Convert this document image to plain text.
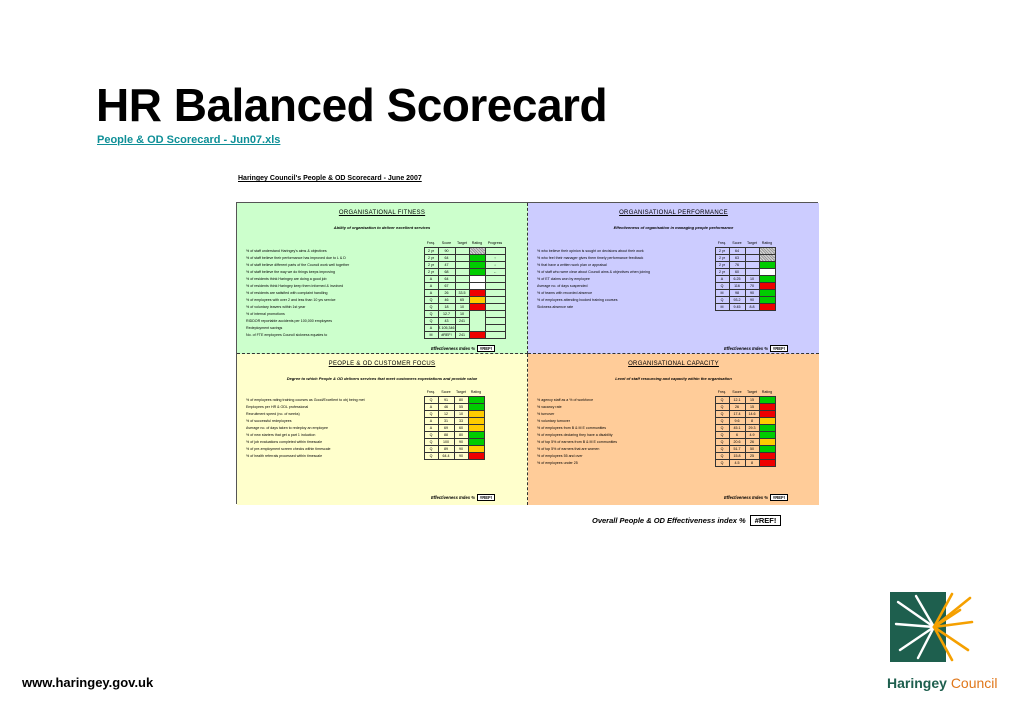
HR Balanced Scorecard
People & OD Scorecard - Jun07.xls
Haringey Council's People & OD Scorecard - June 2007
ORGANISATIONAL FITNESS
Ability of organisation to deliver excellent services
	Freq.	Score	Target	Rating	Progress
% of staff understand Haringey's aims & objectives	2 yr	90			
% of staff believe their performance has improved due to L & D	2 yr	64			↑
% of staff believe different parts of the Council work well together	2 yr	47			↓
% of staff believe the way we do things keeps improving	2 yr	68			←
% of residents think Haringey are doing a good job	A	64			
% of residents think Haringey keep them informed & involved	A	67			
% of residents are satisfied with complaint handling	A	26	33.5		
% of employees with over 2 and less than 10 yrs service	Q	46	65		
% of voluntary leavers within 1st year	Q	18	10		
% of internal promotions	Q	12.7	10		
RIDDOR reportable accidents per 100,000 employees	Q	43	241		
Redeployment savings	A	£ 105,346			
No. of FTE employees Council sickness equates to	M	#REF!	241		
Effectiveness Index % #REF!
ORGANISATIONAL PERFORMANCE
Effectiveness of organisation in managing people performance
	Freq.	Score	Target	Rating
% who believe their opinion is sought on decisions about their work	2 yr	64		
% who feel their manager gives them timely performance feedback	2 yr	63		
% that have a written work plan or appraisal	2 yr	76		
% of staff who were clear about Council aims & objectives when joining	2 yr	60		
% of ET claims won by employee	A	6.25	10	
Average no. of days suspended	Q	116	70	
% of teams with recorded absence	M	98	90	
% of employees attending booked training courses	Q	93.2	90	
Sickness absence rate	M	9.45	8.8	
Effectiveness Index % #REF!
PEOPLE & OD CUSTOMER FOCUS
Degree to which People & OD delivers services that meet customers expectations and provide value
	Freq.	Score	Target	Rating
% of employees rating training courses as Good/Excellent to obj being met	Q	91	80	
Employees per HR & ODL professional	A	46	55	
Recruitment speed (no. of weeks)	Q	12	10	
% of successful redeployees	A	31	33	
Average no. of days taken to redeploy an employee	A	69	60	
% of new starters that get a part 1 induction	Q	88	80	
% of job evaluations completed within timescale	Q	100	90	
% of pre-employment screen checks within timescale	Q	89	90	
% of health referrals processed within timescale	Q	64.4	90	
Effectiveness Index % #REF!
ORGANISATIONAL CAPACITY
Level of staff resourcing and capacity within the organisation
	Freq.	Score	Target	Rating
% agency staff as a % of workforce	Q	12.1	15	
% vacancy rate	Q	26	15	
% turnover	Q	17.4	14.6	
% voluntary turnover	Q	9.6	8	
% of employees from B & M E communities	Q	45.1	29.3	
% of employees declaring they have a disability	Q	6	4.9	
% of top 5% of earners from B & M E communities	Q	20.6	26	
% of top 5% of earners that are women	Q	51.7	50	
% of employees 55 and over	Q	15.8	25	
% of employees under 25	Q	4.5	8	
Effectiveness Index % #REF!
Overall People & OD Effectiveness index % #REF!
www.haringey.gov.uk	Haringey Council
